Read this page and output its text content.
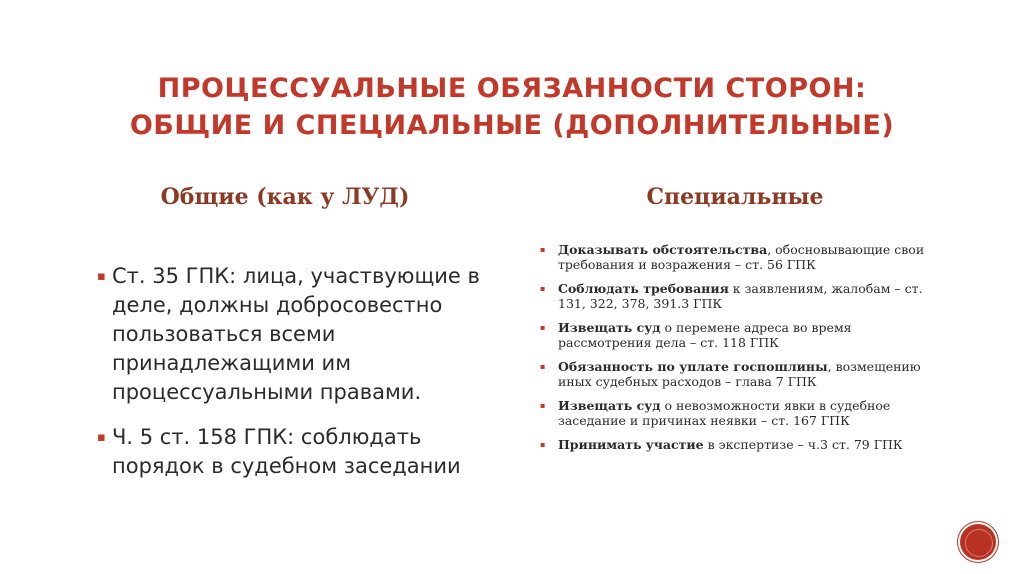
ПРОЦЕССУАЛЬНЫЕ ОБЯЗАННОСТИ СТОРОН:
ОБЩИЕ И СПЕЦИАЛЬНЫЕ (ДОПОЛНИТЕЛЬНЫЕ)
Общие (как у ЛУД)	Специальные
▪ Ст. 35 ГПК: лица, участвующие в деле, должны добросовестно пользоваться всеми принадлежащими им процессуальными правами.
▪ Ч. 5 ст. 158 ГПК: соблюдать порядок в судебном заседании
▪ Доказывать обстоятельства, обосновывающие свои требования и возражения – ст. 56 ГПК
▪ Соблюдать требования к заявлениям, жалобам – ст. 131, 322, 378, 391.3 ГПК
▪ Извещать суд о перемене адреса во время рассмотрения дела – ст. 118 ГПК
▪ Обязанность по уплате госпошлины, возмещению иных судебных расходов – глава 7 ГПК
▪ Извещать суд о невозможности явки в судебное заседание и причинах неявки – ст. 167 ГПК
▪ Принимать участие в экспертизе – ч.3 ст. 79 ГПК
